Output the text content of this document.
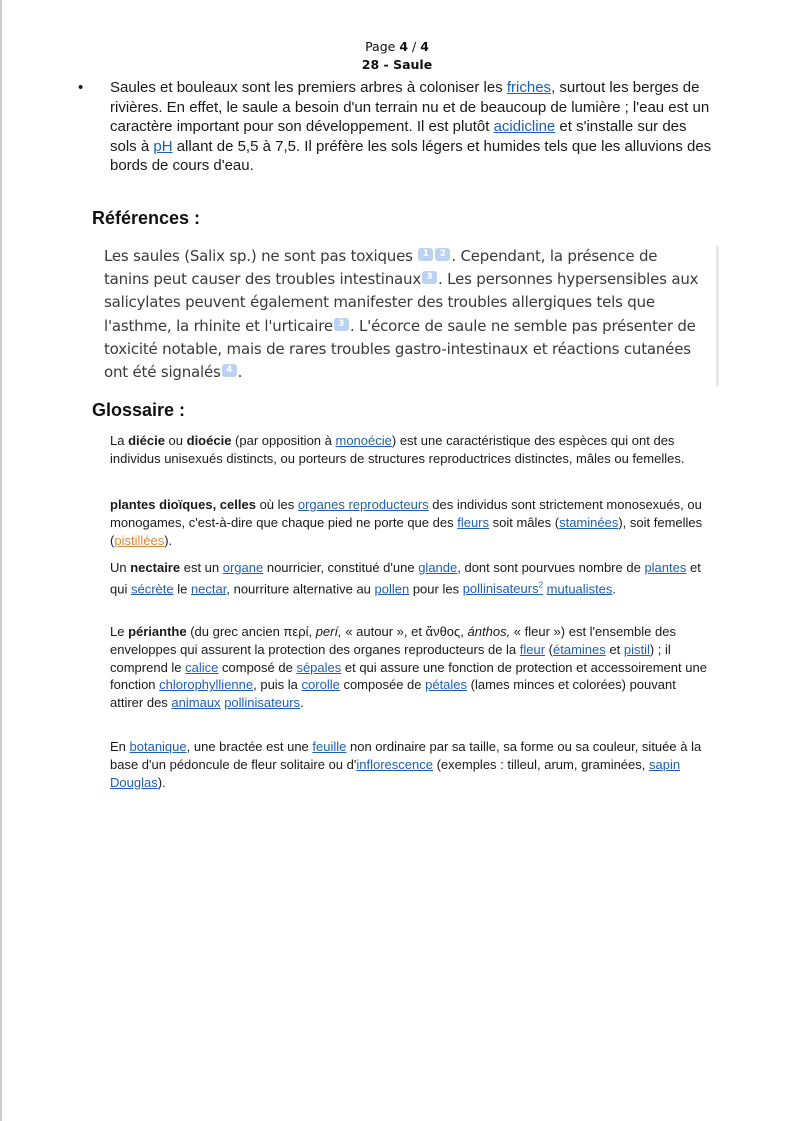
Page 4 / 4
28 - Saule
• Saules et bouleaux sont les premiers arbres à coloniser les friches, surtout les berges de rivières. En effet, le saule a besoin d'un terrain nu et de beaucoup de lumière ; l'eau est un caractère important pour son développement. Il est plutôt acidicline et s'installe sur des sols à pH allant de 5,5 à 7,5. Il préfère les sols légers et humides tels que les alluvions des bords de cours d'eau.
Références :
Les saules (Salix sp.) ne sont pas toxiques 1 2 . Cependant, la présence de tanins peut causer des troubles intestinaux 3 . Les personnes hypersensibles aux salicylates peuvent également manifester des troubles allergiques tels que l'asthme, la rhinite et l'urticaire 3 . L'écorce de saule ne semble pas présenter de toxicité notable, mais de rares troubles gastro-intestinaux et réactions cutanées ont été signalés 4 .
Glossaire :
La diécie ou dioécie (par opposition à monoécie) est une caractéristique des espèces qui ont des individus unisexués distincts, ou porteurs de structures reproductrices distinctes, mâles ou femelles.
plantes dioïques, celles où les organes reproducteurs des individus sont strictement monosexués, ou monogames, c'est-à-dire que chaque pied ne porte que des fleurs soit mâles (staminées), soit femelles (pistillées).
Un nectaire est un organe nourricier, constitué d'une glande, dont sont pourvues nombre de plantes et qui sécrète le nectar, nourriture alternative au pollen pour les pollinisateurs$^2$ mutualistes.
Le périanthe (du grec ancien περί, perí, « autour », et ἄνθος, ánthos, « fleur ») est l'ensemble des enveloppes qui assurent la protection des organes reproducteurs de la fleur (étamines et pistil) ; il comprend le calice composé de sépales et qui assure une fonction de protection et accessoirement une fonction chlorophyllienne, puis la corolle composée de pétales (lames minces et colorées) pouvant attirer des animaux pollinisateurs.
En botanique, une bractée est une feuille non ordinaire par sa taille, sa forme ou sa couleur, située à la base d'un pédoncule de fleur solitaire ou d'inflorescence (exemples : tilleul, arum, graminées, sapin Douglas).
